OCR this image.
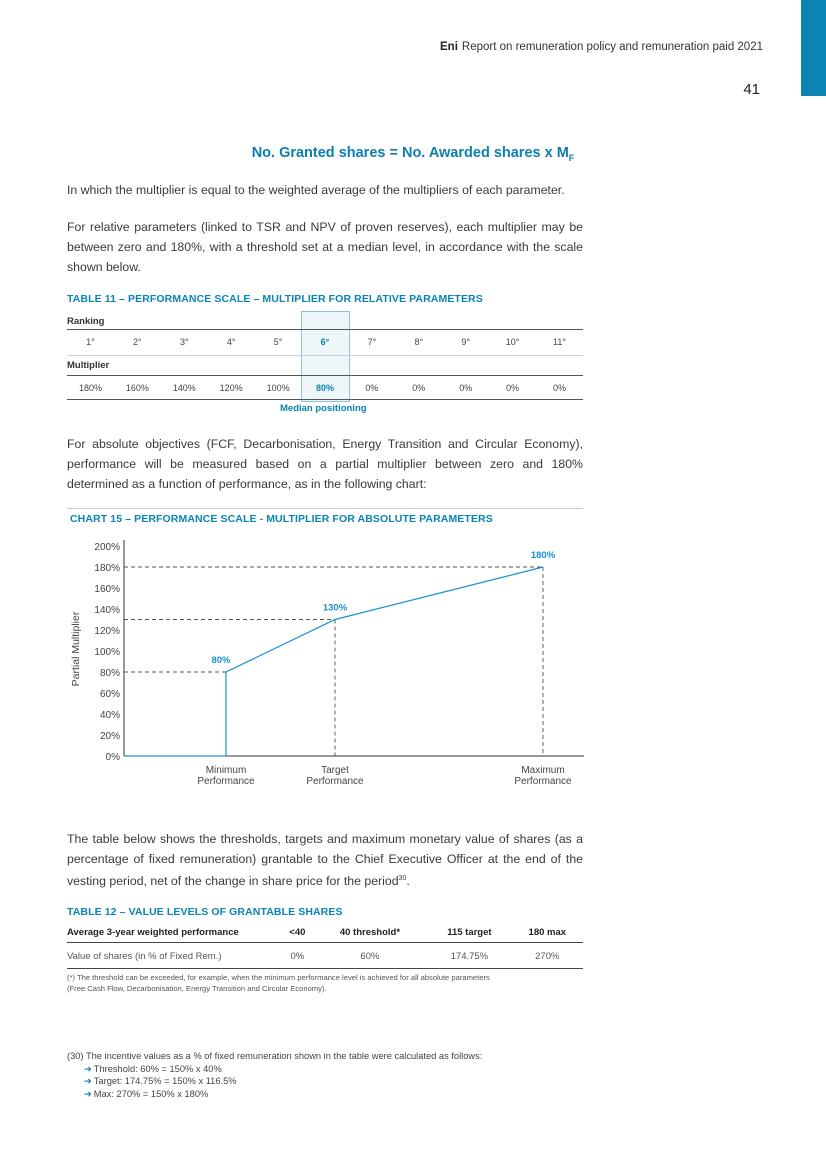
Eni Report on remuneration policy and remuneration paid 2021
41
No. Granted shares = No. Awarded shares x $M_F$

In which the multiplier is equal to the weighted average of the multipliers of each parameter.

For relative parameters (linked to TSR and NPV of proven reserves), each multiplier may be between zero and 180%, with a threshold set at a median level, in accordance with the scale shown below.

TABLE 11 – PERFORMANCE SCALE – MULTIPLIER FOR RELATIVE PARAMETERS
Ranking
1°	2°	3°	4°	5°	6°	7°	8°	9°	10°	11°
Multiplier
180%	160%	140%	120%	100%	80%	0%	0%	0%	0%	0%
Median positioning

For absolute objectives (FCF, Decarbonisation, Energy Transition and Circular Economy), performance will be measured based on a partial multiplier between zero and 180% determined as a function of performance, as in the following chart:

CHART 15 – PERFORMANCE SCALE - MULTIPLIER FOR ABSOLUTE PARAMETERS
0%
20%
40%
60%
80%
100%
120%
140%
160%
180%
200%
Partial Multiplier
Minimum
Performance
Target
Performance
Maximum
Performance
80%
130%
180%

The table below shows the thresholds, targets and maximum monetary value of shares (as a percentage of fixed remuneration) grantable to the Chief Executive Officer at the end of the vesting period, net of the change in share price for the period$^{30}$.

TABLE 12 – VALUE LEVELS OF GRANTABLE SHARES
Average 3-year weighted performance	<40	40 threshold*	115 target	180 max
Value of shares (in % of Fixed Rem.)	0%	60%	174.75%	270%
(*) The threshold can be exceeded, for example, when the minimum performance level is achieved for all absolute parameters
(Free Cash Flow, Decarbonisation, Energy Transition and Circular Economy).
(30) The incentive values as a % of fixed remuneration shown in the table were calculated as follows:
➔ Threshold: 60% = 150% x 40%
➔ Target: 174.75% = 150% x 116.5%
➔ Max: 270% = 150% x 180%
